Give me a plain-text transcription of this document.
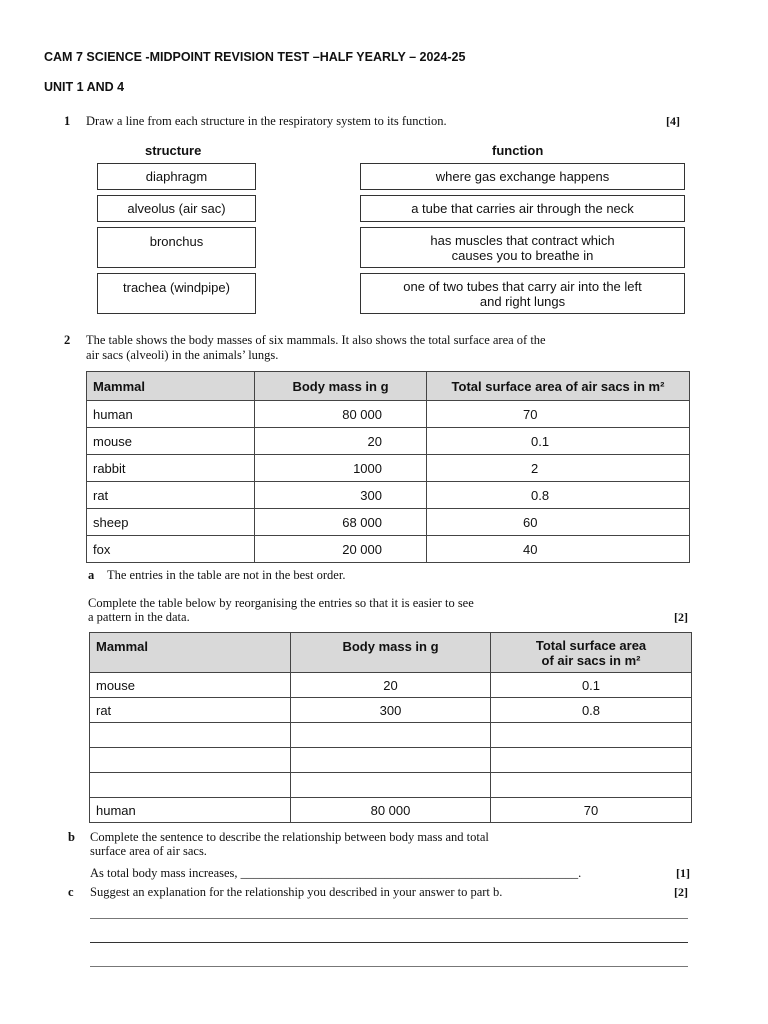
CAM 7 SCIENCE -MIDPOINT REVISION TEST –HALF YEARLY – 2024-25
UNIT 1 AND 4
1 Draw a line from each structure in the respiratory system to its function.	[4]
structure	function
diaphragm
alveolus (air sac)
bronchus
trachea (windpipe)
where gas exchange happens
a tube that carries air through the neck
has muscles that contract which
causes you to breathe in
one of two tubes that carry air into the left
and right lungs
2 The table shows the body masses of six mammals. It also shows the total surface area of the
air sacs (alveoli) in the animals’ lungs.
Mammal	Body mass in g	Total surface area of air sacs in m²
human	80 000	70
mouse	20	0.1
rabbit	1000	2
rat	300	0.8
sheep	68 000	60
fox	20 000	40
a The entries in the table are not in the best order.
Complete the table below by reorganising the entries so that it is easier to see
a pattern in the data.	[2]
Mammal	Body mass in g	Total surface area
of air sacs in m²

mouse	20	0.1
rat	300	0.8

human	80 000	70
b Complete the sentence to describe the relationship between body mass and total
surface area of air sacs.
As total body mass increases, ______________________________________________________.	[1]
c Suggest an explanation for the relationship you described in your answer to part b.	[2]
